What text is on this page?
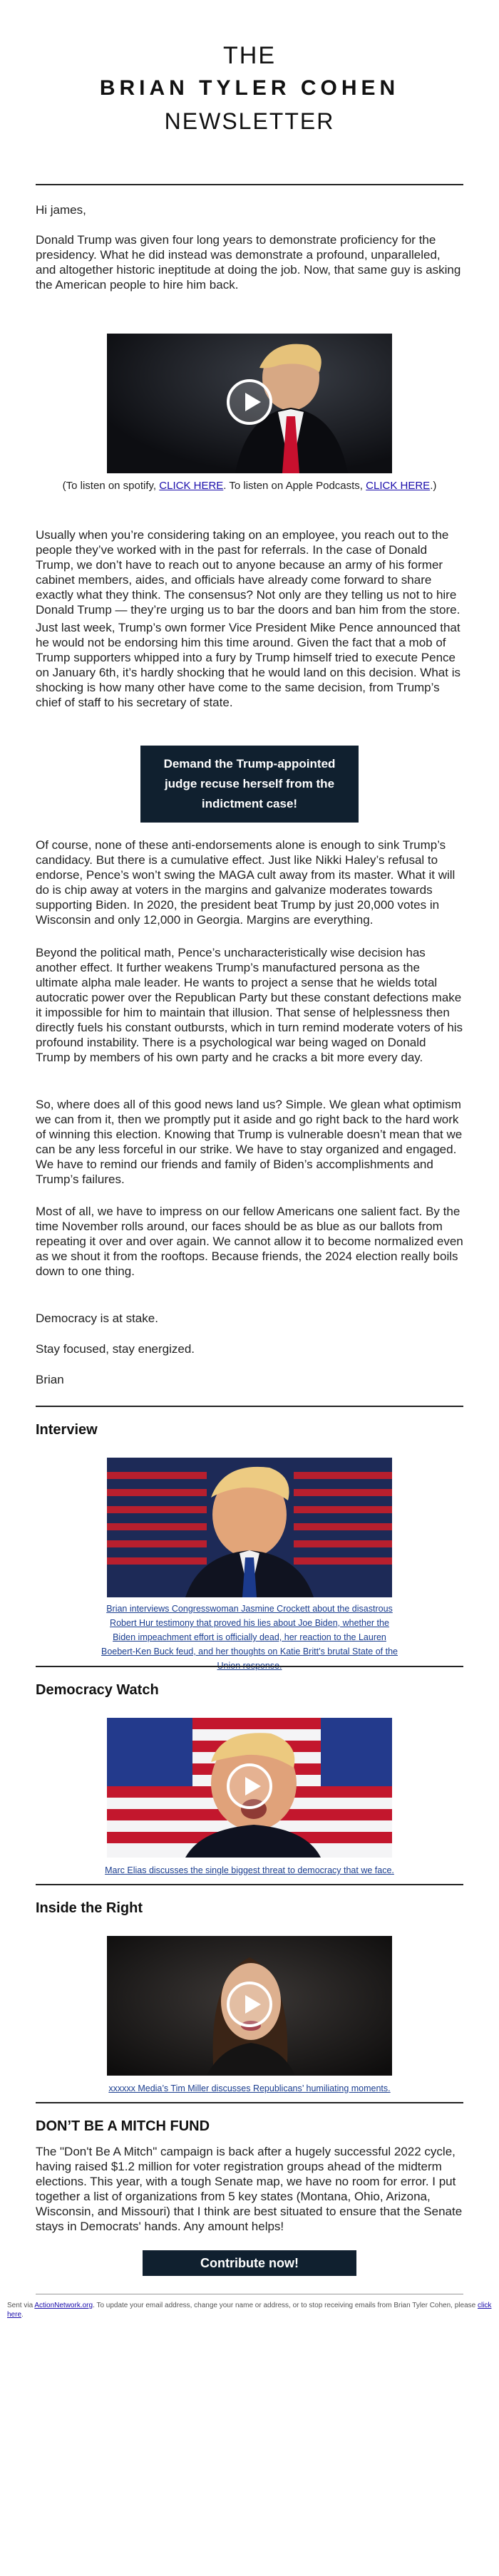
THE
BRIAN TYLER COHEN
NEWSLETTER
Hi james,
Donald Trump was given four long years to demonstrate proficiency for the presidency. What he did instead was demonstrate a profound, unparalleled, and altogether historic ineptitude at doing the job. Now, that same guy is asking the American people to hire him back.
(To listen on spotify, CLICK HERE. To listen on Apple Podcasts, CLICK HERE.)
Usually when you’re considering taking on an employee, you reach out to the people they’ve worked with in the past for referrals. In the case of Donald Trump, we don’t have to reach out to anyone because an army of his former cabinet members, aides, and officials have already come forward to share exactly what they think. The consensus? Not only are they telling us not to hire Donald Trump — they’re urging us to bar the doors and ban him from the store.
Just last week, Trump’s own former Vice President Mike Pence announced that he would not be endorsing him this time around. Given the fact that a mob of Trump supporters whipped into a fury by Trump himself tried to execute Pence on January 6th, it’s hardly shocking that he would land on this decision. What is shocking is how many other have come to the same decision, from Trump’s chief of staff to his secretary of state.
Demand the Trump-appointed judge recuse herself from the indictment case!
Of course, none of these anti-endorsements alone is enough to sink Trump’s candidacy. But there is a cumulative effect. Just like Nikki Haley’s refusal to endorse, Pence’s won’t swing the MAGA cult away from its master. What it will do is chip away at voters in the margins and galvanize moderates towards supporting Biden. In 2020, the president beat Trump by just 20,000 votes in Wisconsin and only 12,000 in Georgia. Margins are everything.
Beyond the political math, Pence’s uncharacteristically wise decision has another effect. It further weakens Trump’s manufactured persona as the ultimate alpha male leader. He wants to project a sense that he wields total autocratic power over the Republican Party but these constant defections make it impossible for him to maintain that illusion. That sense of helplessness then directly fuels his constant outbursts, which in turn remind moderate voters of his profound instability. There is a psychological war being waged on Donald Trump by members of his own party and he cracks a bit more every day.
So, where does all of this good news land us? Simple. We glean what optimism we can from it, then we promptly put it aside and go right back to the hard work of winning this election. Knowing that Trump is vulnerable doesn’t mean that we can be any less forceful in our strike. We have to stay organized and engaged. We have to remind our friends and family of Biden’s accomplishments and Trump’s failures.
Most of all, we have to impress on our fellow Americans one salient fact. By the time November rolls around, our faces should be as blue as our ballots from repeating it over and over again. We cannot allow it to become normalized even as we shout it from the rooftops. Because friends, the 2024 election really boils down to one thing.
Democracy is at stake.
Stay focused, stay energized.
Brian
Interview
Brian interviews Congresswoman Jasmine Crockett about the disastrous Robert Hur testimony that proved his lies about Joe Biden, whether the Biden impeachment effort is officially dead, her reaction to the Lauren Boebert-Ken Buck feud, and her thoughts on Katie Britt’s brutal State of the
Democracy Watch
Marc Elias discusses the single biggest threat to democracy that we face.
Inside the Right
xxxxxx Media’s Tim Miller discusses Republicans’ humiliating moments.
DON’T BE A MITCH FUND
The "Don't Be A Mitch" campaign is back after a hugely successful 2022 cycle, having raised $1.2 million for voter registration groups ahead of the midterm elections. This year, with a tough Senate map, we have no room for error. I put together a list of organizations from 5 key states (Montana, Ohio, Arizona, Wisconsin, and Missouri) that I think are best situated to ensure that the Senate stays in Democrats' hands. Any amount helps!
Contribute now!
Sent via ActionNetwork.org. To update your email address, change your name or address, or to stop receiving emails from Brian Tyler Cohen, please click here.
